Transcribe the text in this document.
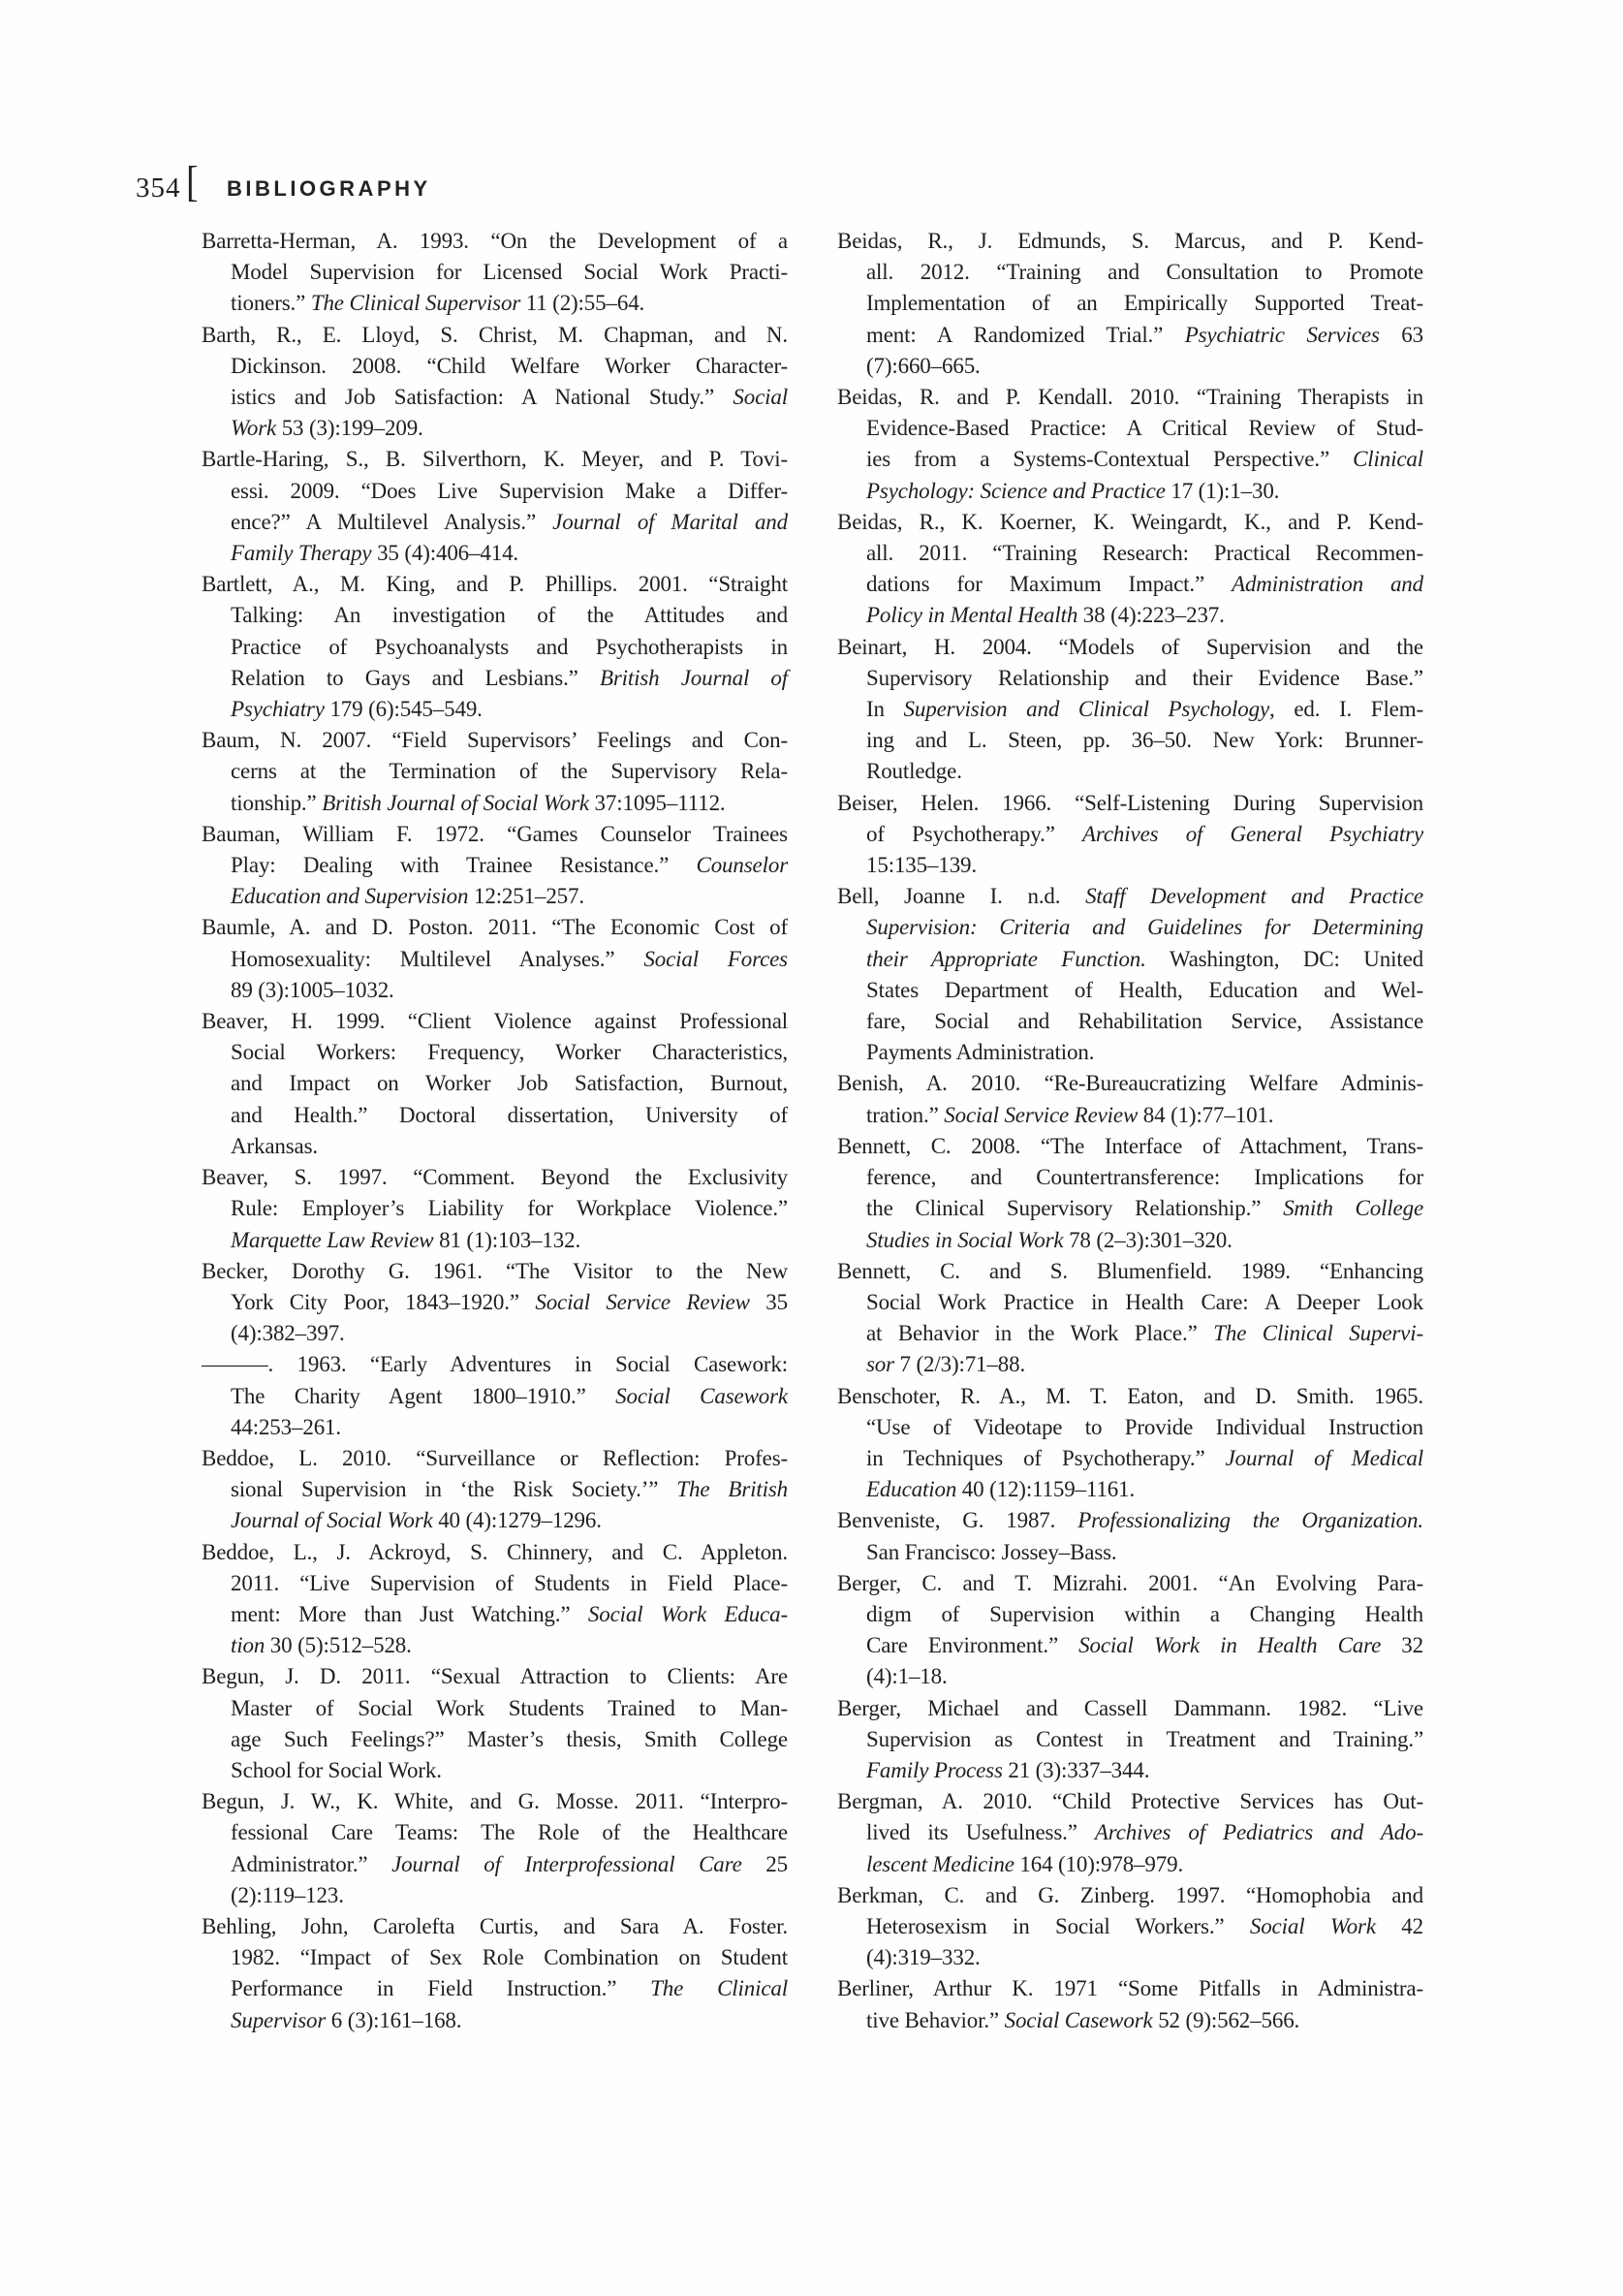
354 [ BIBLIOGRAPHY

Barretta-Herman, A. 1993. “On the Development of a
Model Supervision for Licensed Social Work Practi-
tioners.” The Clinical Supervisor 11 (2):55–64.

Barth, R., E. Lloyd, S. Christ, M. Chapman, and N.
Dickinson. 2008. “Child Welfare Worker Character-
istics and Job Satisfaction: A National Study.” Social
Work 53 (3):199–209.

Bartle-Haring, S., B. Silverthorn, K. Meyer, and P. Tovi-
essi. 2009. “Does Live Supervision Make a Differ-
ence?” A Multilevel Analysis.” Journal of Marital and
Family Therapy 35 (4):406–414.

Bartlett, A., M. King, and P. Phillips. 2001. “Straight
Talking: An investigation of the Attitudes and
Practice of Psychoanalysts and Psychotherapists in
Relation to Gays and Lesbians.” British Journal of
Psychiatry 179 (6):545–549.

Baum, N. 2007. “Field Supervisors’ Feelings and Con-
cerns at the Termination of the Supervisory Rela-
tionship.” British Journal of Social Work 37:1095–1112.

Bauman, William F. 1972. “Games Counselor Trainees
Play: Dealing with Trainee Resistance.” Counselor
Education and Supervision 12:251–257.

Baumle, A. and D. Poston. 2011. “The Economic Cost of
Homosexuality: Multilevel Analyses.” Social Forces
89 (3):1005–1032.

Beaver, H. 1999. “Client Violence against Professional
Social Workers: Frequency, Worker Characteristics,
and Impact on Worker Job Satisfaction, Burnout,
and Health.” Doctoral dissertation, University of
Arkansas.

Beaver, S. 1997. “Comment. Beyond the Exclusivity
Rule: Employer’s Liability for Workplace Violence.”
Marquette Law Review 81 (1):103–132.

Becker, Dorothy G. 1961. “The Visitor to the New
York City Poor, 1843–1920.” Social Service Review 35
(4):382–397.

———. 1963. “Early Adventures in Social Casework:
The Charity Agent 1800–1910.” Social Casework
44:253–261.

Beddoe, L. 2010. “Surveillance or Reflection: Profes-
sional Supervision in ‘the Risk Society.’” The British
Journal of Social Work 40 (4):1279–1296.

Beddoe, L., J. Ackroyd, S. Chinnery, and C. Appleton.
2011. “Live Supervision of Students in Field Place-
ment: More than Just Watching.” Social Work Educa-
tion 30 (5):512–528.

Begun, J. D. 2011. “Sexual Attraction to Clients: Are
Master of Social Work Students Trained to Man-
age Such Feelings?” Master’s thesis, Smith College
School for Social Work.

Begun, J. W., K. White, and G. Mosse. 2011. “Interpro-
fessional Care Teams: The Role of the Healthcare
Administrator.” Journal of Interprofessional Care 25
(2):119–123.

Behling, John, Carolefta Curtis, and Sara A. Foster.
1982. “Impact of Sex Role Combination on Student
Performance in Field Instruction.” The Clinical
Supervisor 6 (3):161–168.

Beidas, R., J. Edmunds, S. Marcus, and P. Kend-
all. 2012. “Training and Consultation to Promote
Implementation of an Empirically Supported Treat-
ment: A Randomized Trial.” Psychiatric Services 63
(7):660–665.

Beidas, R. and P. Kendall. 2010. “Training Therapists in
Evidence-Based Practice: A Critical Review of Stud-
ies from a Systems-Contextual Perspective.” Clinical
Psychology: Science and Practice 17 (1):1–30.

Beidas, R., K. Koerner, K. Weingardt, K., and P. Kend-
all. 2011. “Training Research: Practical Recommen-
dations for Maximum Impact.” Administration and
Policy in Mental Health 38 (4):223–237.

Beinart, H. 2004. “Models of Supervision and the
Supervisory Relationship and their Evidence Base.”
In Supervision and Clinical Psychology, ed. I. Flem-
ing and L. Steen, pp. 36–50. New York: Brunner-
Routledge.

Beiser, Helen. 1966. “Self-Listening During Supervision
of Psychotherapy.” Archives of General Psychiatry
15:135–139.

Bell, Joanne I. n.d. Staff Development and Practice
Supervision: Criteria and Guidelines for Determining
their Appropriate Function. Washington, DC: United
States Department of Health, Education and Wel-
fare, Social and Rehabilitation Service, Assistance
Payments Administration.

Benish, A. 2010. “Re-Bureaucratizing Welfare Adminis-
tration.” Social Service Review 84 (1):77–101.

Bennett, C. 2008. “The Interface of Attachment, Trans-
ference, and Countertransference: Implications for
the Clinical Supervisory Relationship.” Smith College
Studies in Social Work 78 (2–3):301–320.

Bennett, C. and S. Blumenfield. 1989. “Enhancing
Social Work Practice in Health Care: A Deeper Look
at Behavior in the Work Place.” The Clinical Supervi-
sor 7 (2/3):71–88.

Benschoter, R. A., M. T. Eaton, and D. Smith. 1965.
“Use of Videotape to Provide Individual Instruction
in Techniques of Psychotherapy.” Journal of Medical
Education 40 (12):1159–1161.

Benveniste, G. 1987. Professionalizing the Organization.
San Francisco: Jossey–Bass.

Berger, C. and T. Mizrahi. 2001. “An Evolving Para-
digm of Supervision within a Changing Health
Care Environment.” Social Work in Health Care 32
(4):1–18.

Berger, Michael and Cassell Dammann. 1982. “Live
Supervision as Contest in Treatment and Training.”
Family Process 21 (3):337–344.

Bergman, A. 2010. “Child Protective Services has Out-
lived its Usefulness.” Archives of Pediatrics and Ado-
lescent Medicine 164 (10):978–979.

Berkman, C. and G. Zinberg. 1997. “Homophobia and
Heterosexism in Social Workers.” Social Work 42
(4):319–332.

Berliner, Arthur K. 1971 “Some Pitfalls in Administra-
tive Behavior.” Social Casework 52 (9):562–566.
